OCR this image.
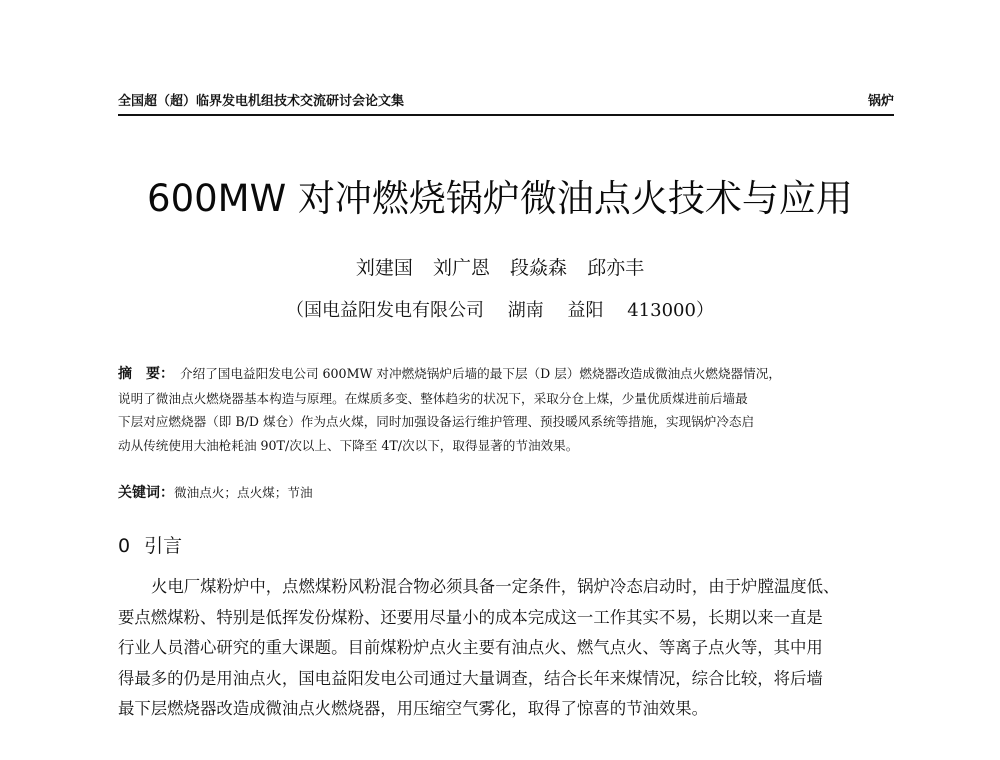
全国超（超）临界发电机组技术交流研讨会论文集	锅炉
600MW 对冲燃烧锅炉微油点火技术与应用
刘建国 刘广恩 段焱森 邱亦丰
（国电益阳发电有限公司 湖南 益阳 413000）
摘　要： 介绍了国电益阳发电公司 600MW 对冲燃烧锅炉后墙的最下层（D 层）燃烧器改造成微油点火燃烧器情况，
说明了微油点火燃烧器基本构造与原理。在煤质多变、整体趋劣的状况下，采取分仓上煤，少量优质煤进前后墙最
下层对应燃烧器（即 B/D 煤仓）作为点火煤，同时加强设备运行维护管理、预投暖风系统等措施，实现锅炉冷态启
动从传统使用大油枪耗油 90T/次以上、下降至 4T/次以下，取得显著的节油效果。
关键词：微油点火；点火煤；节油
0 引言
火电厂煤粉炉中，点燃煤粉风粉混合物必须具备一定条件，锅炉冷态启动时，由于炉膛温度低、
要点燃煤粉、特别是低挥发份煤粉、还要用尽量小的成本完成这一工作其实不易，长期以来一直是
行业人员潜心研究的重大课题。目前煤粉炉点火主要有油点火、燃气点火、等离子点火等，其中用
得最多的仍是用油点火，国电益阳发电公司通过大量调查，结合长年来煤情况，综合比较，将后墙
最下层燃烧器改造成微油点火燃烧器，用压缩空气雾化，取得了惊喜的节油效果。
